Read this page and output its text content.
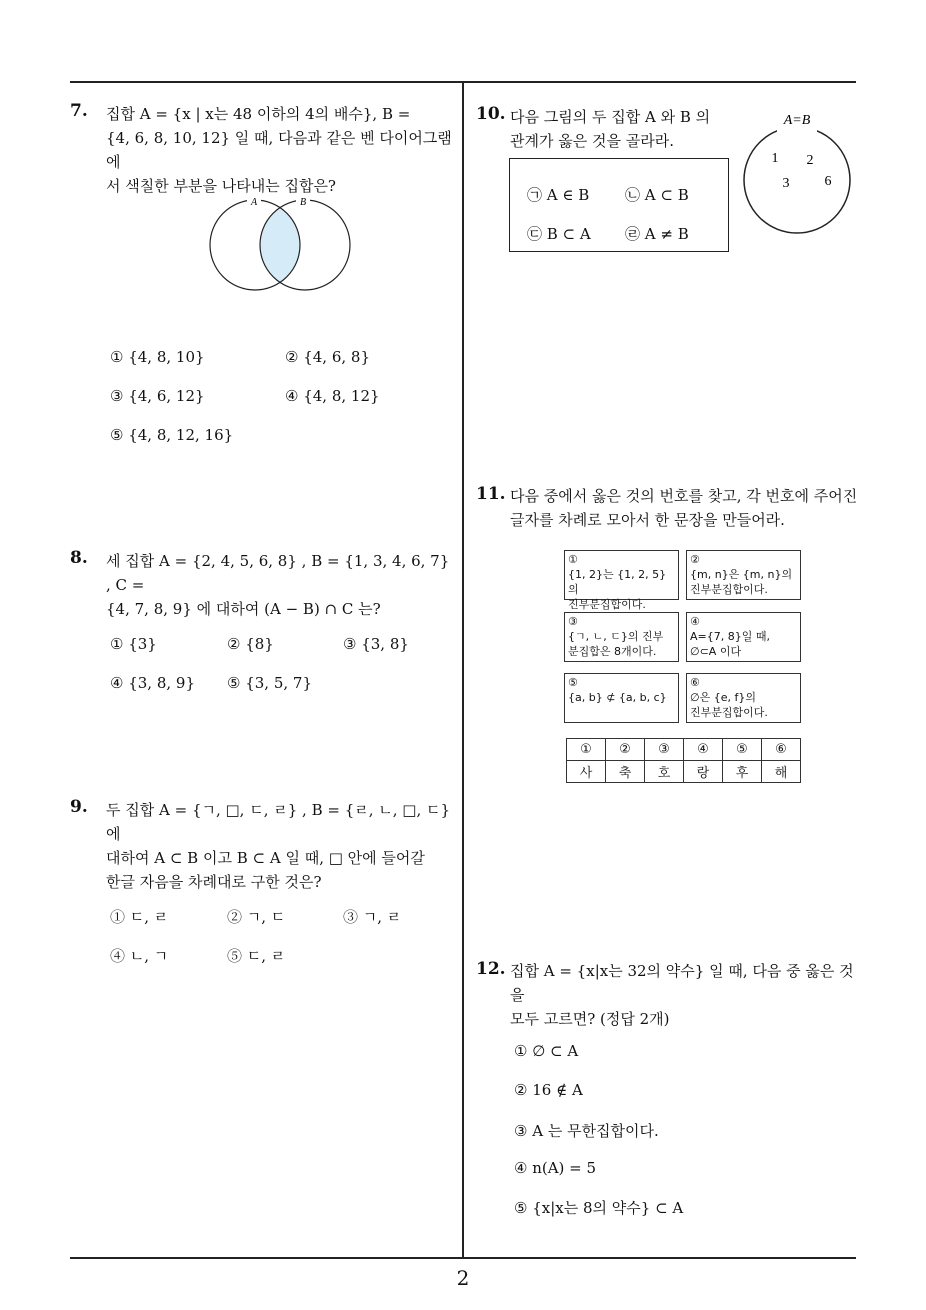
7. 집합 A = {x | x는 48 이하의 4의 배수}, B =

{4, 6, 8, 10, 12} 일 때, 다음과 같은 벤 다이어그램에

서 색칠한 부분을 나타내는 집합은?

A	B
① {4, 8, 10}	② {4, 6, 8}
③ {4, 6, 12}	④ {4, 8, 12}
⑤ {4, 8, 12, 16}
8. 세 집합 A = {2, 4, 5, 6, 8} , B = {1, 3, 4, 6, 7} , C =

{4, 7, 8, 9} 에 대하여 (A − B) ∩ C 는?

① {3}	② {8}	③ {3, 8}
④ {3, 8, 9} ⑤ {3, 5, 7}
9. 두 집합 A = {ㄱ, □, ㄷ, ㄹ} , B = {ㄹ, ㄴ, □, ㄷ} 에

대하여 A ⊂ B 이고 B ⊂ A 일 때, □ 안에 들어갈

한글 자음을 차례대로 구한 것은?

① ㄷ, ㄹ	② ㄱ, ㄷ	③ ㄱ, ㄹ
④ ㄴ, ㄱ	⑤ ㄷ, ㄹ
10. 다음 그림의 두 집합 A 와 B 의

관계가 옳은 것을 골라라.

㉠ A ∈ B ㉡ A ⊂ B
㉢ B ⊂ A ㉣ A ≠ B
A=B
1 2
3	6
11. 다음 중에서 옳은 것의 번호를 찾고, 각 번호에 주어진

글자를 차례로 모아서 한 문장을 만들어라.

①
{1, 2}는 {1, 2, 5}의
진부분집합이다.
②
{m, n}은 {m, n}의
진부분집합이다.
③
{ㄱ, ㄴ, ㄷ}의 진부
분집합은 8개이다.
④
A={7, 8}일 때,
∅⊂A 이다
⑤
{a, b} ⊄ {a, b, c}
⑥
∅은 {e, f}의
진부분집합이다.
①	②	③	④	⑤	⑥
사	축	호	랑	후	해
12. 집합 A = {x|x는 32의 약수} 일 때, 다음 중 옳은 것을

모두 고르면? (정답 2개)

① ∅ ⊂ A
② 16 ∉ A
③ A 는 무한집합이다.
④ n(A) = 5
⑤ {x|x는 8의 약수} ⊂ A
2
